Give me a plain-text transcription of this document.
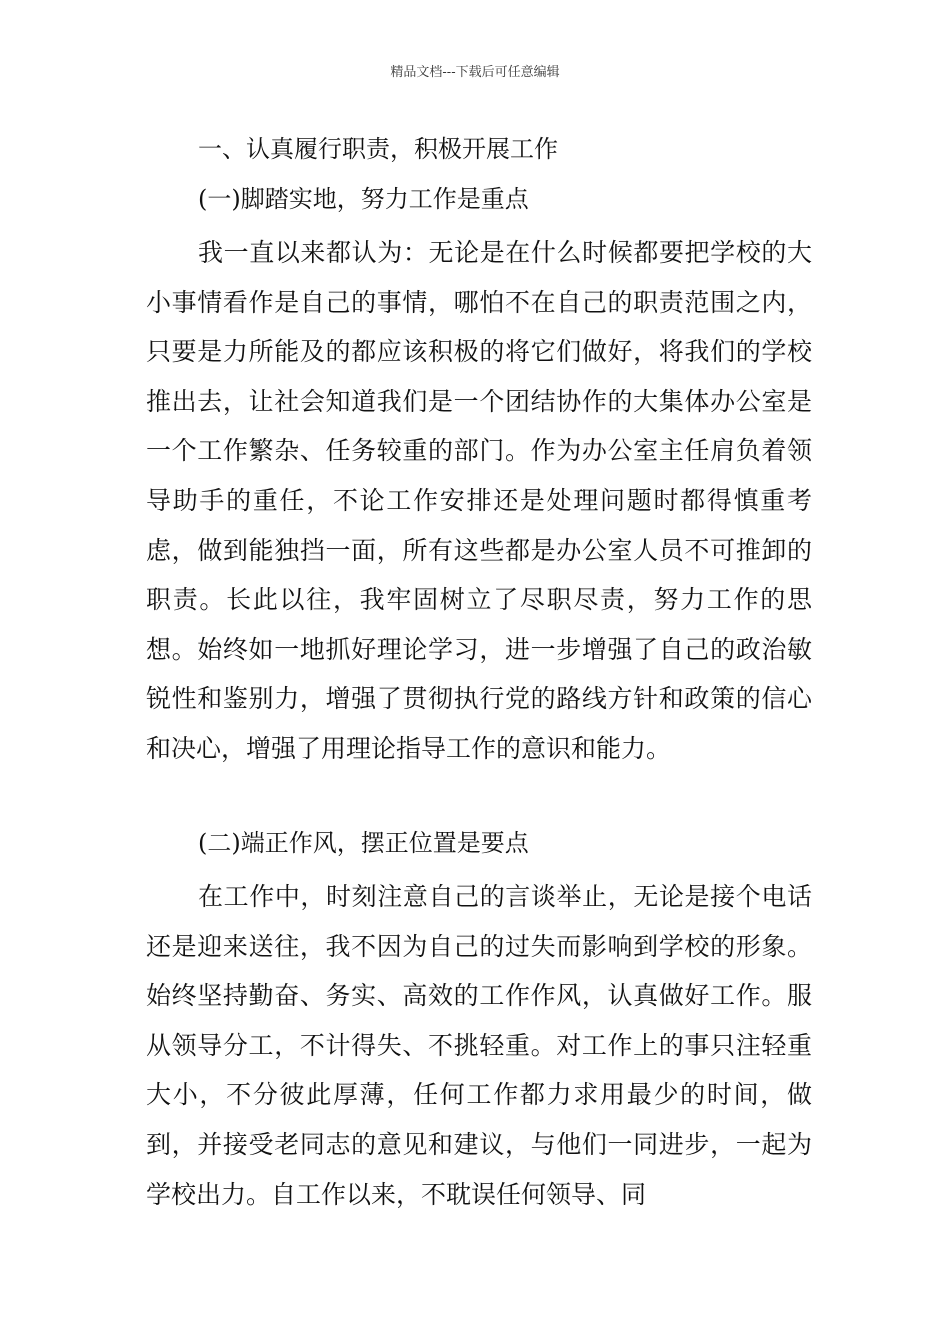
精品文档---下载后可任意编辑
一、认真履行职责，积极开展工作
(一)脚踏实地，努力工作是重点

我一直以来都认为：无论是在什么时候都要把学校的大小事情看作是自己的事情，哪怕不在自己的职责范围之内，只要是力所能及的都应该积极的将它们做好，将我们的学校推出去，让社会知道我们是一个团结协作的大集体办公室是一个工作繁杂、任务较重的部门。作为办公室主任肩负着领导助手的重任，不论工作安排还是处理问题时都得慎重考虑，做到能独挡一面，所有这些都是办公室人员不可推卸的职责。长此以往，我牢固树立了尽职尽责，努力工作的思想。始终如一地抓好理论学习，进一步增强了自己的政治敏锐性和鉴别力，增强了贯彻执行党的路线方针和政策的信心和决心，增强了用理论指导工作的意识和能力。

(二)端正作风，摆正位置是要点

在工作中，时刻注意自己的言谈举止，无论是接个电话还是迎来送往，我不因为自己的过失而影响到学校的形象。始终坚持勤奋、务实、高效的工作作风，认真做好工作。服从领导分工，不计得失、不挑轻重。对工作上的事只注轻重大小，不分彼此厚薄，任何工作都力求用最少的时间，做到，并接受老同志的意见和建议，与他们一同进步，一起为学校出力。自工作以来，不耽误任何领导、同
